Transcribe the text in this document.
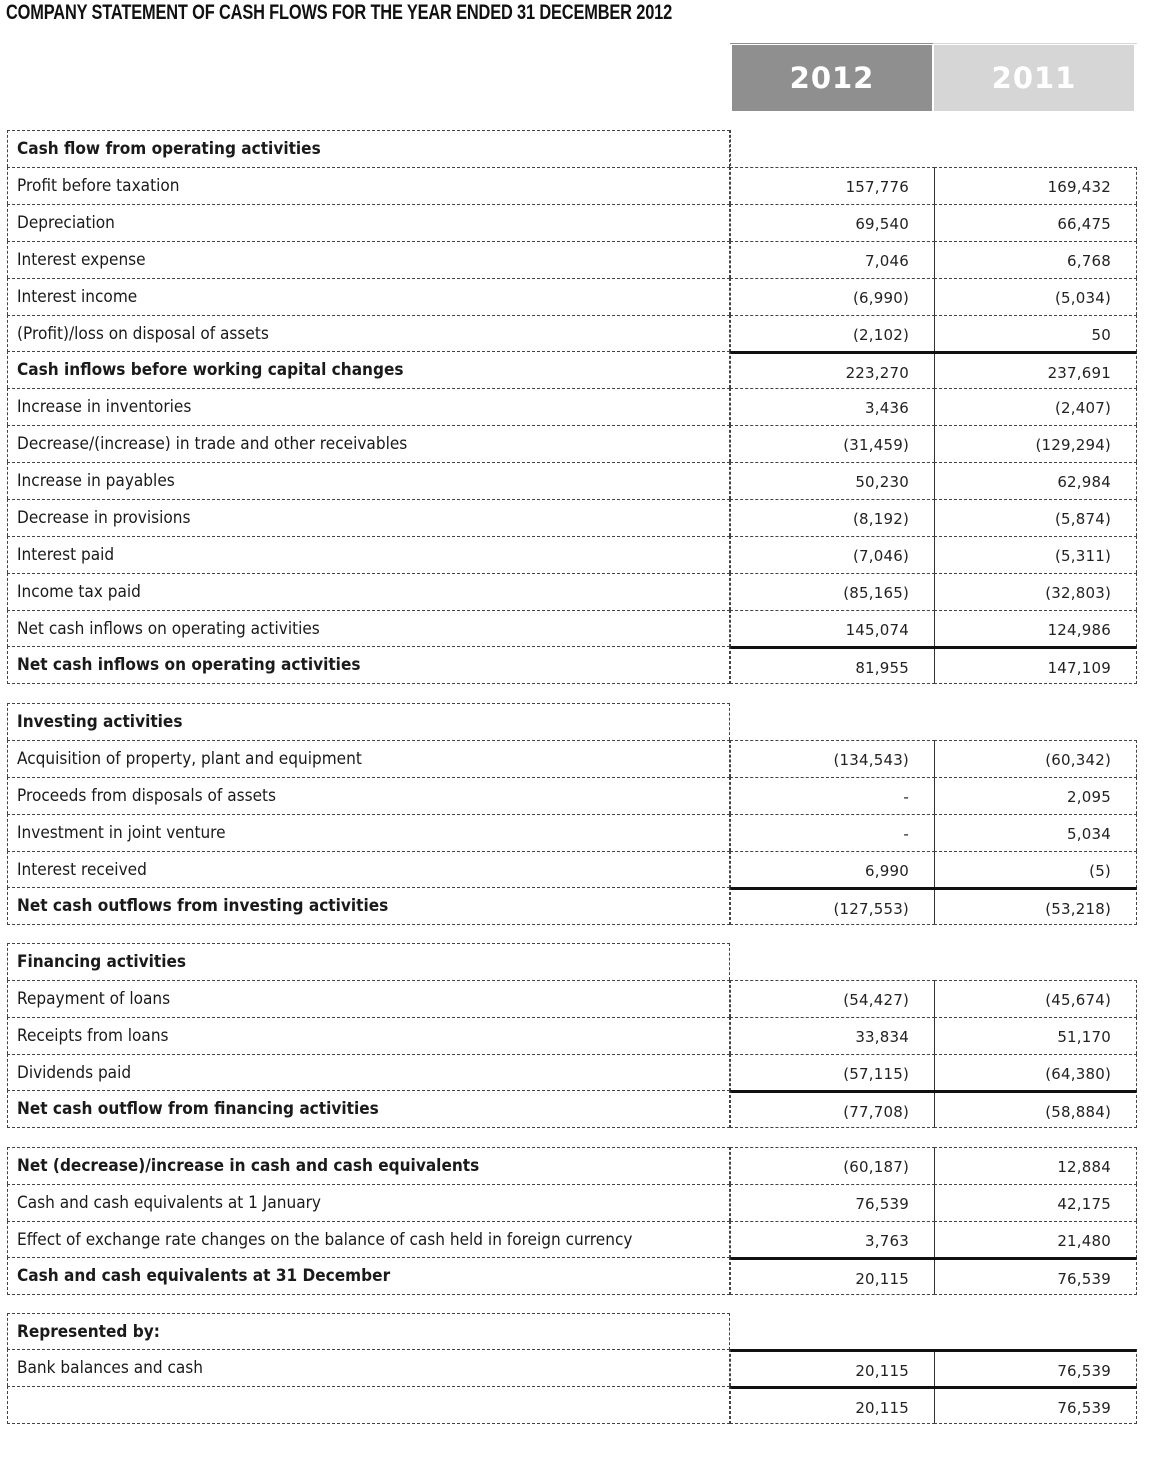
COMPANY STATEMENT OF CASH FLOWS FOR THE YEAR ENDED 31 DECEMBER 2012
2012	2011
Cash flow from operating activities
Profit before taxation	157,776	169,432
Depreciation	69,540	66,475
Interest expense	7,046	6,768
Interest income	(6,990)	(5,034)
(Profit)/loss on disposal of assets	(2,102)	50
Cash inflows before working capital changes	223,270	237,691
Increase in inventories	3,436	(2,407)
Decrease/(increase) in trade and other receivables	(31,459)	(129,294)
Increase in payables	50,230	62,984
Decrease in provisions	(8,192)	(5,874)
Interest paid	(7,046)	(5,311)
Income tax paid	(85,165)	(32,803)
Net cash inflows on operating activities	145,074	124,986
Net cash inflows on operating activities	81,955	147,109
Investing activities
Acquisition of property, plant and equipment	(134,543)	(60,342)
Proceeds from disposals of assets	-	2,095
Investment in joint venture	-	5,034
Interest received	6,990	(5)
Net cash outflows from investing activities	(127,553)	(53,218)
Financing activities
Repayment of loans	(54,427)	(45,674)
Receipts from loans	33,834	51,170
Dividends paid	(57,115)	(64,380)
Net cash outflow from financing activities	(77,708)	(58,884)
Net (decrease)/increase in cash and cash equivalents	(60,187)	12,884
Cash and cash equivalents at 1 January	76,539	42,175
Effect of exchange rate changes on the balance of cash held in foreign currency	3,763	21,480
Cash and cash equivalents at 31 December	20,115	76,539
Represented by:
Bank balances and cash	20,115	76,539
20,115	76,539
